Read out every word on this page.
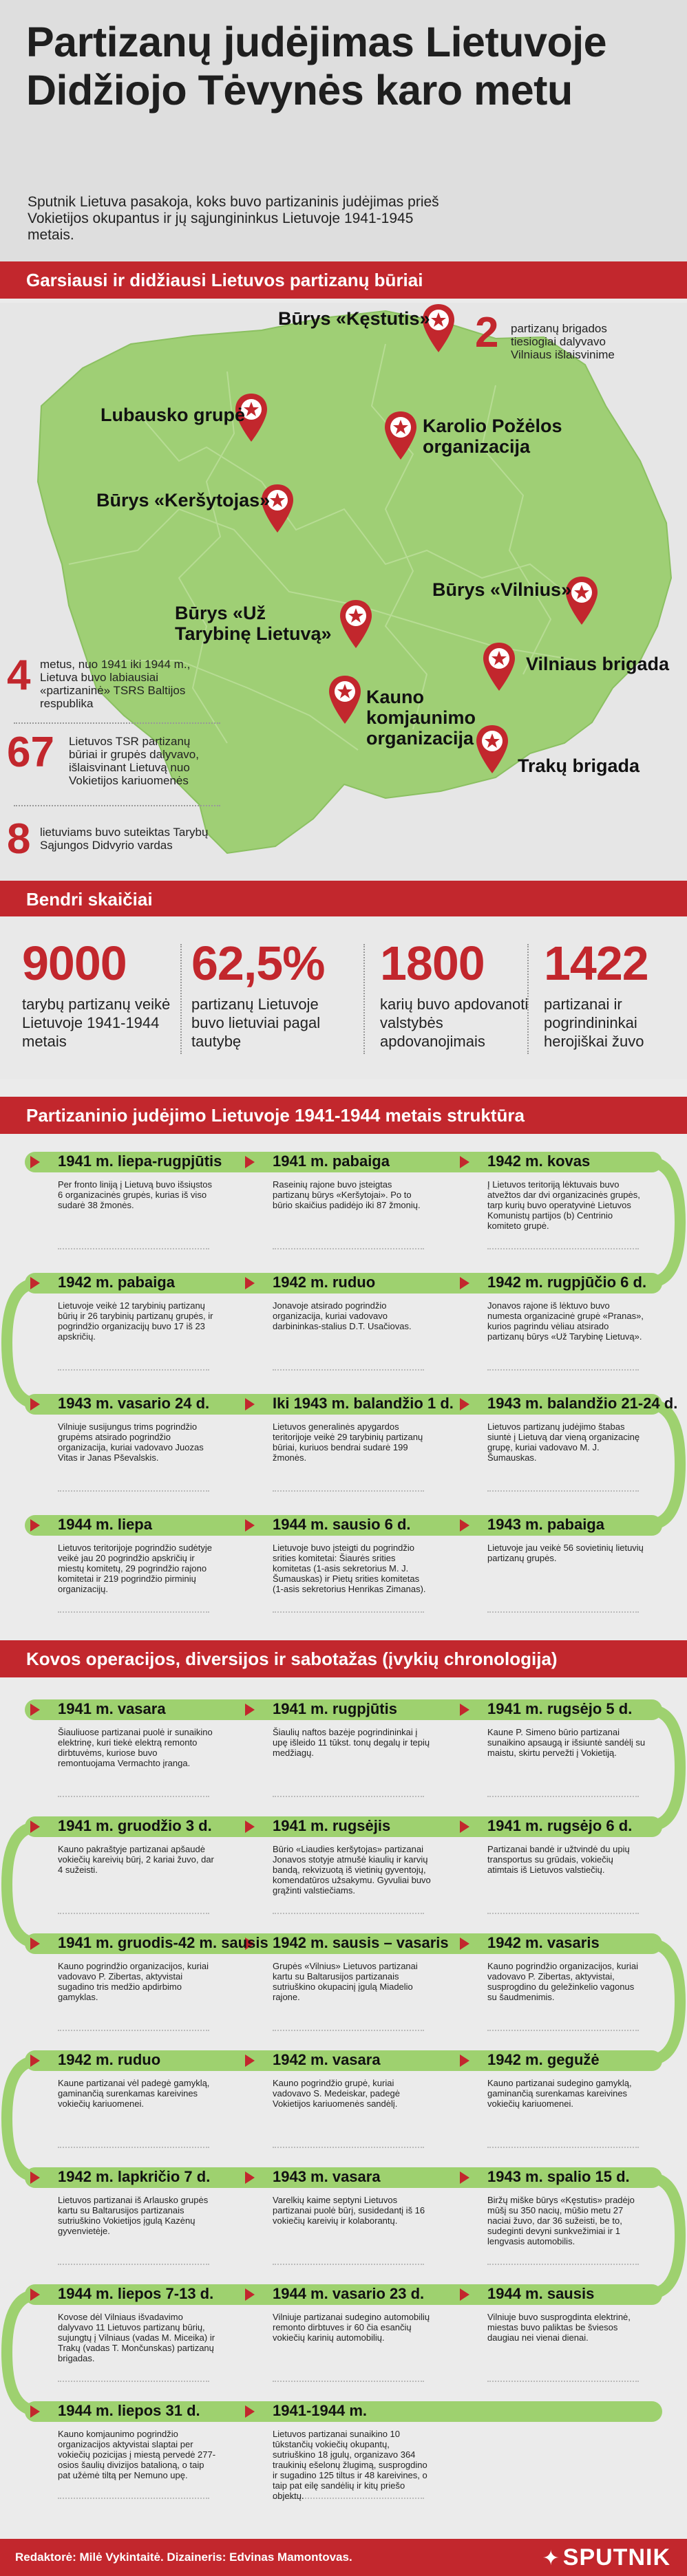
Partizanų judėjimas Lietuvoje Didžiojo Tėvynės karo metu

Sputnik Lietuva pasakoja, koks buvo partizaninis judėjimas prieš Vokietijos okupantus ir jų sąjungininkus Lietuvoje 1941-1945 metais.

Garsiausi ir didžiausi Lietuvos partizanų būriai
Būrys «Kęstutis»
Lubausko grupė
Karolio Požėlos organizacija
Būrys «Keršytojas»
Būrys «Vilnius»
Būrys «Už Tarybinę Lietuvą»
Vilniaus brigada
Kauno komjaunimo organizacija
Trakų brigada
2 partizanų brigados tiesiogiai dalyvavo Vilniaus išlaisvinime
4 metus, nuo 1941 iki 1944 m., Lietuva buvo labiausiai «partizaninė» TSRS Baltijos respublika
67 Lietuvos TSR partizanų būriai ir grupės dalyvavo, išlaisvinant Lietuvą nuo Vokietijos kariuomenės
8 lietuviams buvo suteiktas Tarybų Sąjungos Didvyrio vardas
Bendri skaičiai
9000
tarybų partizanų veikė Lietuvoje 1941-1944 metais
62,5%
partizanų Lietuvoje buvo lietuviai pagal tautybę
1800
karių buvo apdovanoti valstybės apdovanojimais
1422
partizanai ir pogrindininkai herojiškai žuvo
Partizaninio judėjimo Lietuvoje 1941-1944 metais struktūra
1941 m. liepa-rugpjūtis
Per fronto liniją į Lietuvą buvo išsiųstos 6 organizacinės grupės, kurias iš viso sudarė 38 žmonės.
1941 m. pabaiga
Raseinių rajone buvo įsteigtas partizanų būrys «Keršytojai». Po to būrio skaičius padidėjo iki 87 žmonių.
1942 m. kovas
Į Lietuvos teritoriją lėktuvais buvo atvežtos dar dvi organizacinės grupės, tarp kurių buvo operatyvinė Lietuvos Komunistų partijos (b) Centrinio komiteto grupė.
1942 m. pabaiga
Lietuvoje veikė 12 tarybinių partizanų būrių ir 26 tarybinių partizanų grupės, ir pogrindžio organizacijų buvo 17 iš 23 apskričių.
1942 m. ruduo
Jonavoje atsirado pogrindžio organizacija, kuriai vadovavo darbininkas-stalius D.T. Usačiovas.
1942 m. rugpjūčio 6 d.
Jonavos rajone iš lėktuvo buvo numesta organizacinė grupė «Pranas», kurios pagrindu vėliau atsirado partizanų būrys «Už Tarybinę Lietuvą».
1943 m. vasario 24 d.
Vilniuje susijungus trims pogrindžio grupėms atsirado pogrindžio organizacija, kuriai vadovavo Juozas Vitas ir Janas Pševalskis.
Iki 1943 m. balandžio 1 d.
Lietuvos generalinės apygardos teritorijoje veikė 29 tarybinių partizanų būriai, kuriuos bendrai sudarė 199 žmonės.
1943 m. balandžio 21-24 d.
Lietuvos partizanų judėjimo štabas siuntė į Lietuvą dar vieną organizacinę grupę, kuriai vadovavo M. J. Šumauskas.
1944 m. liepa
Lietuvos teritorijoje pogrindžio sudėtyje veikė jau 20 pogrindžio apskričių ir miestų komitetų, 29 pogrindžio rajono komitetai ir 219 pogrindžio pirminių organizacijų.
1944 m. sausio 6 d.
Lietuvoje buvo įsteigti du pogrindžio srities komitetai: Šiaurės srities komitetas (1-asis sekretorius M. J. Šumauskas) ir Pietų srities komitetas (1-asis sekretorius Henrikas Zimanas).
1943 m. pabaiga
Lietuvoje jau veikė 56 sovietinių lietuvių partizanų grupės.
Kovos operacijos, diversijos ir sabotažas (įvykių chronologija)
1941 m. vasara
Šiauliuose partizanai puolė ir sunaikino elektrinę, kuri tiekė elektrą remonto dirbtuvėms, kuriose buvo remontuojama Vermachto įranga.
1941 m. rugpjūtis
Šiaulių naftos bazėje pogrindininkai į upę išleido 11 tūkst. tonų degalų ir tepių medžiagų.
1941 m. rugsėjo 5 d.
Kaune P. Simeno būrio partizanai sunaikino apsaugą ir išsiuntė sandėlį su maistu, skirtu pervežti į Vokietiją.
1941 m. gruodžio 3 d.
Kauno pakraštyje partizanai apšaudė vokiečių kareivių būrį, 2 kariai žuvo, dar 4 sužeisti.
1941 m. rugsėjis
Būrio «Liaudies keršytojas» partizanai Jonavos stotyje atmušė kiaulių ir karvių bandą, rekvizuotą iš vietinių gyventojų, komendatūros užsakymu. Gyvuliai buvo grąžinti valstiečiams.
1941 m. rugsėjo 6 d.
Partizanai bandė ir užtvindė du upių transportus su grūdais, vokiečių atimtais iš Lietuvos valstiečių.
1941 m. gruodis-42 m. sausis
Kauno pogrindžio organizacijos, kuriai vadovavo P. Zibertas, aktyvistai sugadino tris medžio apdirbimo gamyklas.
1942 m. sausis – vasaris
Grupės «Vilnius» Lietuvos partizanai kartu su Baltarusijos partizanais sutriuškino okupacinį įgulą Miadelio rajone.
1942 m. vasaris
Kauno pogrindžio organizacijos, kuriai vadovavo P. Zibertas, aktyvistai, susprogdino du geležinkelio vagonus su šaudmenimis.
1942 m. ruduo
Kaune partizanai vėl padegė gamyklą, gaminančią surenkamas kareivines vokiečių kariuomenei.
1942 m. vasara
Kauno pogrindžio grupė, kuriai vadovavo S. Medeiskar, padegė Vokietijos kariuomenės sandėlį.
1942 m. gegužė
Kauno partizanai sudegino gamyklą, gaminančią surenkamas kareivines vokiečių kariuomenei.
1942 m. lapkričio 7 d.
Lietuvos partizanai iš Arlausko grupės kartu su Baltarusijos partizanais sutriuškino Vokietijos įgulą Kazėnų gyvenvietėje.
1943 m. vasara
Varelkių kaime septyni Lietuvos partizanai puolė būrį, susidedantį iš 16 vokiečių kareivių ir kolaborantų.
1943 m. spalio 15 d.
Biržų miške būrys «Kęstutis» pradėjo mūšį su 350 nacių, mūšio metu 27 naciai žuvo, dar 36 sužeisti, be to, sudeginti devyni sunkvežimiai ir 1 lengvasis automobilis.
1944 m. liepos 7-13 d.
Kovose dėl Vilniaus išvadavimo dalyvavo 11 Lietuvos partizanų būrių, sujungtų į Vilniaus (vadas M. Miceika) ir Trakų (vadas T. Mončunskas) partizanų brigadas.
1944 m. vasario 23 d.
Vilniuje partizanai sudegino automobilių remonto dirbtuves ir 60 čia esančių vokiečių karinių automobilių.
1944 m. sausis
Vilniuje buvo susprogdinta elektrinė, miestas buvo paliktas be šviesos daugiau nei vienai dienai.
1944 m. liepos 31 d.
Kauno komjaunimo pogrindžio organizacijos aktyvistai slaptai per vokiečių pozicijas į miestą pervedė 277-osios šaulių divizijos batalioną, o taip pat užėmė tiltą per Nemuno upę.
1941-1944 m.
Lietuvos partizanai sunaikino 10 tūkstančių vokiečių okupantų, sutriuškino 18 įgulų, organizavo 364 traukinių ešelonų žlugimą, susprogdino ir sugadino 125 tiltus ir 48 kareivines, o taip pat eilę sandėlių ir kitų priešo objektų.
Redaktorė: Milė Vykintaitė. Dizaineris: Edvinas Mamontovas.	✦ SPUTNIK
